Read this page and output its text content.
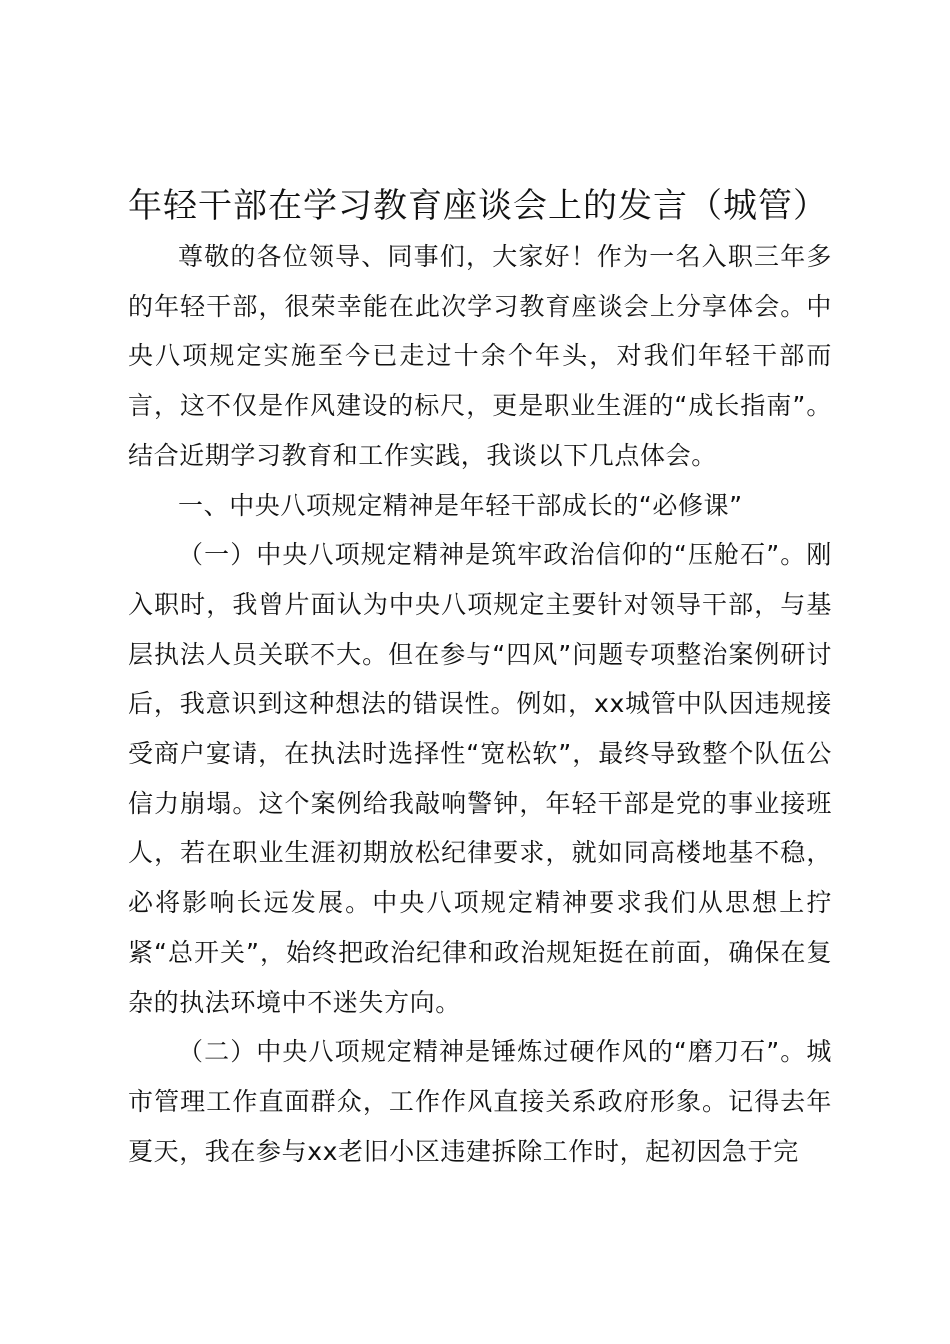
年轻干部在学习教育座谈会上的发言（城管）

尊敬的各位领导、同事们，大家好！作为一名入职三年多的年轻干部，很荣幸能在此次学习教育座谈会上分享体会。中央八项规定实施至今已走过十余个年头，对我们年轻干部而言，这不仅是作风建设的标尺，更是职业生涯的“成长指南”。结合近期学习教育和工作实践，我谈以下几点体会。

一、中央八项规定精神是年轻干部成长的“必修课”

（一）中央八项规定精神是筑牢政治信仰的“压舱石”。刚入职时，我曾片面认为中央八项规定主要针对领导干部，与基层执法人员关联不大。但在参与“四风”问题专项整治案例研讨后，我意识到这种想法的错误性。例如，xx城管中队因违规接受商户宴请，在执法时选择性“宽松软”，最终导致整个队伍公信力崩塌。这个案例给我敲响警钟，年轻干部是党的事业接班人，若在职业生涯初期放松纪律要求，就如同高楼地基不稳，必将影响长远发展。中央八项规定精神要求我们从思想上拧紧“总开关”，始终把政治纪律和政治规矩挺在前面，确保在复杂的执法环境中不迷失方向。

（二）中央八项规定精神是锤炼过硬作风的“磨刀石”。城市管理工作直面群众，工作作风直接关系政府形象。记得去年夏天，我在参与xx老旧小区违建拆除工作时，起初因急于完
